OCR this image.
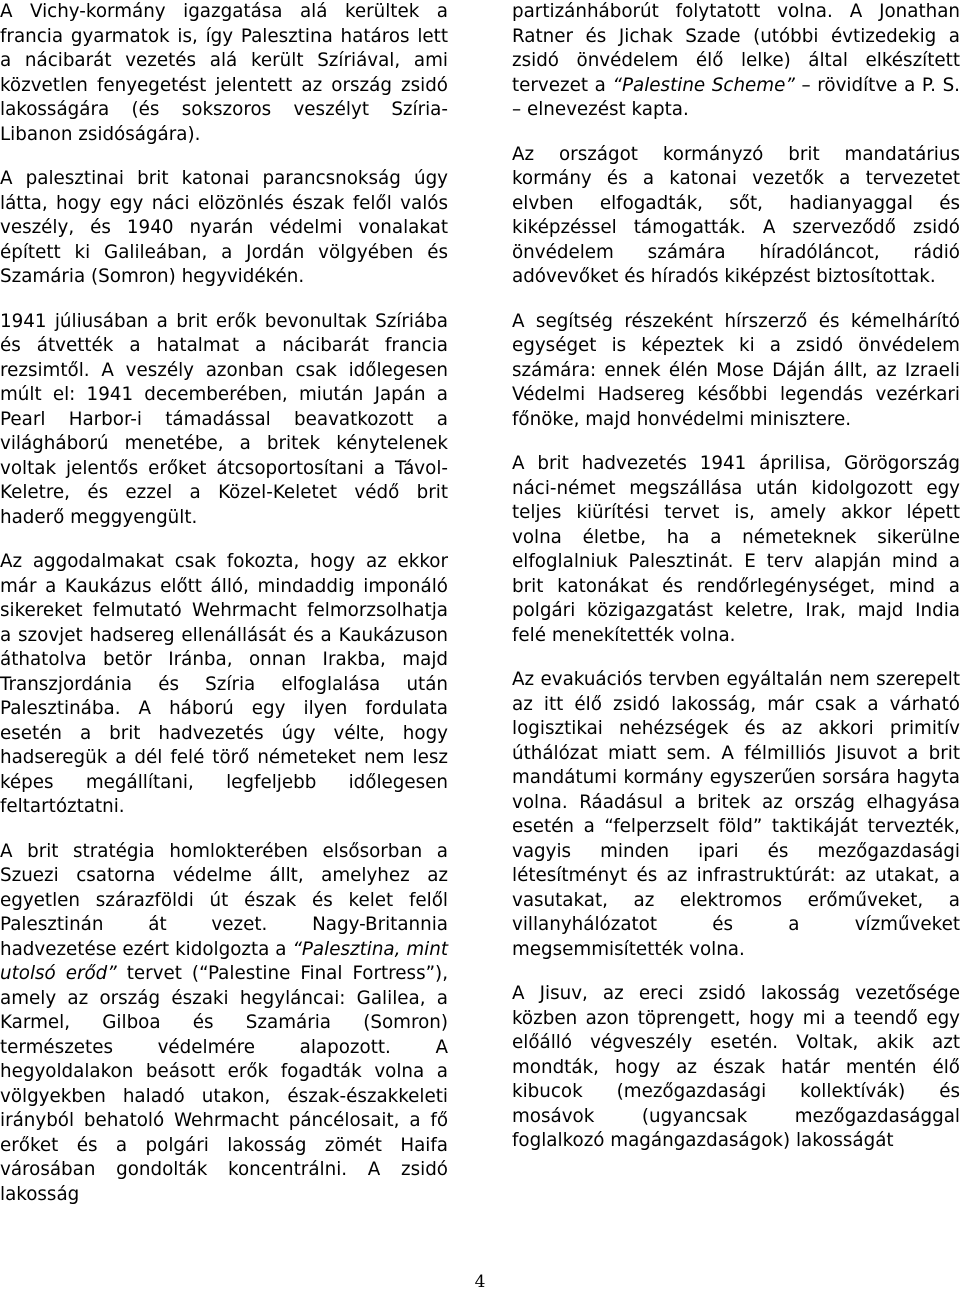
A Vichy-kormány igazgatása alá kerültek a francia gyarmatok is, így Palesztina határos lett a nácibarát vezetés alá került Szíriával, ami közvetlen fenyegetést jelentett az ország zsidó lakosságára (és sokszoros veszélyt Szíria-Libanon zsidóságára).

A palesztinai brit katonai parancsnokság úgy látta, hogy egy náci elözönlés észak felől valós veszély, és 1940 nyarán védelmi vonalakat épített ki Galileában, a Jordán völgyében és Szamária (Somron) hegyvidékén.

1941 júliusában a brit erők bevonultak Szíriába és átvették a hatalmat a nácibarát francia rezsimtől. A veszély azonban csak időlegesen múlt el: 1941 decemberében, miután Japán a Pearl Harbor-i támadással beavatkozott a világháború menetébe, a britek kénytelenek voltak jelentős erőket átcsoportosítani a Távol-Keletre, és ezzel a Közel-Keletet védő brit haderő meggyengült.

Az aggodalmakat csak fokozta, hogy az ekkor már a Kaukázus előtt álló, mindaddig imponáló sikereket felmutató Wehrmacht felmorzsolhatja a szovjet hadsereg ellenállását és a Kaukázuson áthatolva betör Iránba, onnan Irakba, majd Transzjordánia és Szíria elfoglalása után Palesztinába. A háború egy ilyen fordulata esetén a brit hadvezetés úgy vélte, hogy hadseregük a dél felé törő németeket nem lesz képes megállítani, legfeljebb időlegesen feltartóztatni.

A brit stratégia homlokterében elsősorban a Szuezi csatorna védelme állt, amelyhez az egyetlen szárazföldi út észak és kelet felől Palesztinán át vezet. Nagy-Britannia hadvezetése ezért kidolgozta a “Palesztina, mint utolsó erőd” tervet (“Palestine Final Fortress”), amely az ország északi hegyláncai: Galilea, a Karmel, Gilboa és Szamária (Somron) természetes védelmére alapozott. A hegyoldalakon beásott erők fogadták volna a völgyekben haladó utakon, észak-északkeleti irányból behatoló Wehrmacht páncélosait, a fő erőket és a polgári lakosság zömét Haifa városában gondolták koncentrálni. A zsidó lakosság

partizánháborút folytatott volna. A Jonathan Ratner és Jichak Szade (utóbbi évtizedekig a zsidó önvédelem élő lelke) által elkészített tervezet a “Palestine Scheme” – rövidítve a P. S. – elnevezést kapta.

Az országot kormányzó brit mandatárius kormány és a katonai vezetők a tervezetet elvben elfogadták, sőt, hadianyaggal és kiképzéssel támogatták. A szerveződő zsidó önvédelem számára híradóláncot, rádió adóvevőket és híradós kiképzést biztosítottak.

A segítség részeként hírszerző és kémelhárító egységet is képeztek ki a zsidó önvédelem számára: ennek élén Mose Dáján állt, az Izraeli Védelmi Hadsereg későbbi legendás vezérkari főnöke, majd honvédelmi minisztere.

A brit hadvezetés 1941 áprilisa, Görögország náci-német megszállása után kidolgozott egy teljes kiürítési tervet is, amely akkor lépett volna életbe, ha a németeknek sikerülne elfoglalniuk Palesztinát. E terv alapján mind a brit katonákat és rendőrlegénységet, mind a polgári közigazgatást keletre, Irak, majd India felé menekítették volna.

Az evakuációs tervben egyáltalán nem szerepelt az itt élő zsidó lakosság, már csak a várható logisztikai nehézségek és az akkori primitív úthálózat miatt sem. A félmilliós Jisuvot a brit mandátumi kormány egyszerűen sorsára hagyta volna. Ráadásul a britek az ország elhagyása esetén a “felperzselt föld” taktikáját tervezték, vagyis minden ipari és mezőgazdasági létesítményt és az infrastruktúrát: az utakat, a vasutakat, az elektromos erőműveket, a villanyhálózatot és a vízműveket megsemmisítették volna.

A Jisuv, az ereci zsidó lakosság vezetősége közben azon töprengett, hogy mi a teendő egy előálló végveszély esetén. Voltak, akik azt mondták, hogy az észak határ mentén élő kibucok (mezőgazdasági kollektívák) és mosávok (ugyancsak mezőgazdasággal foglalkozó magángazdaságok) lakosságát

4
